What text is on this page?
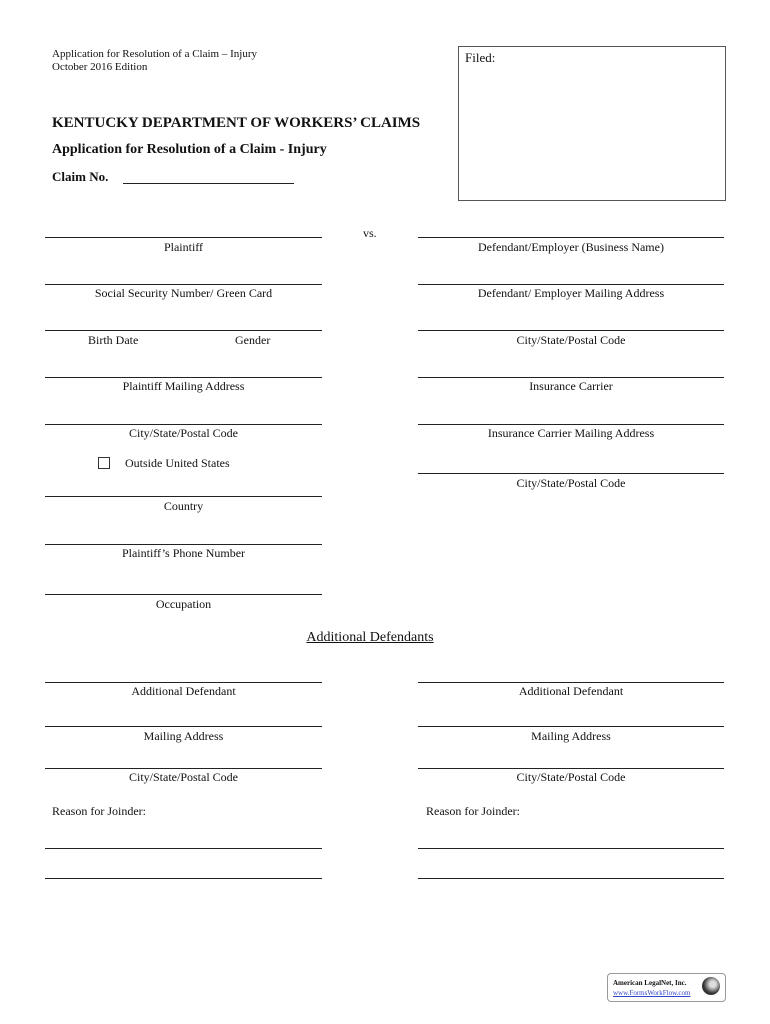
Application for Resolution of a Claim – Injury
October 2016 Edition
Filed:
KENTUCKY DEPARTMENT OF WORKERS’ CLAIMS
Application for Resolution of a Claim - Injury
Claim No.
vs.
Plaintiff
Social Security Number/ Green Card
Birth Date	Gender
Plaintiff Mailing Address
City/State/Postal Code
Outside United States
Country
Plaintiff’s Phone Number
Occupation
Defendant/Employer (Business Name)
Defendant/ Employer Mailing Address
City/State/Postal Code
Insurance Carrier
Insurance Carrier Mailing Address
City/State/Postal Code
Additional Defendants
Additional Defendant
Mailing Address
City/State/Postal Code
Reason for Joinder:
Additional Defendant
Mailing Address
City/State/Postal Code
Reason for Joinder:
American LegalNet, Inc.
www.FormsWorkFlow.com
